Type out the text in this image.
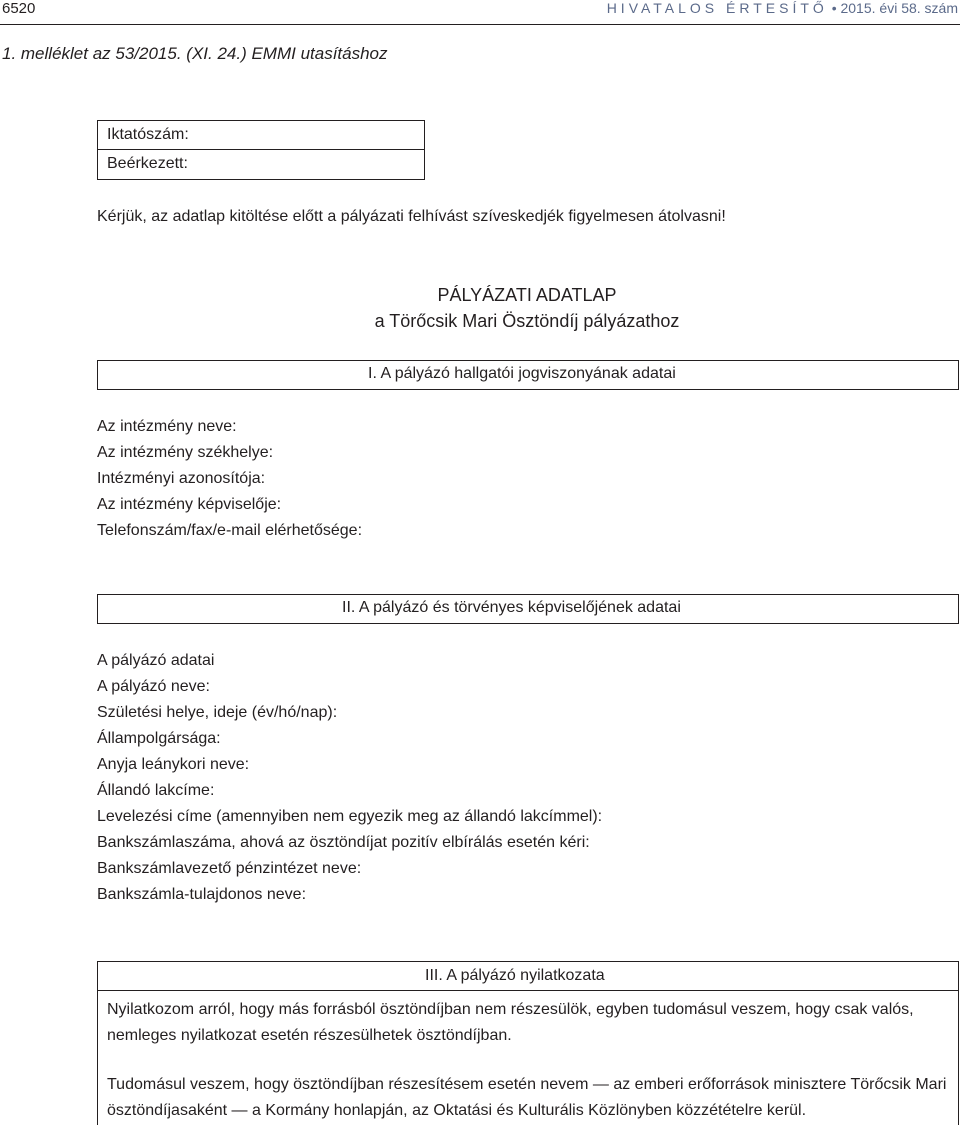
6520	HIVATALOS ÉRTESÍTŐ • 2015. évi 58. szám
1. melléklet az 53/2015. (XI. 24.) EMMI utasításhoz
Iktatószám:
Beérkezett:
Kérjük, az adatlap kitöltése előtt a pályázati felhívást szíveskedjék figyelmesen átolvasni!
PÁLYÁZATI ADATLAP
a Törőcsik Mari Ösztöndíj pályázathoz
I. A pályázó hallgatói jogviszonyának adatai
Az intézmény neve:
Az intézmény székhelye:
Intézményi azonosítója:
Az intézmény képviselője:
Telefonszám/fax/e-mail elérhetősége:
II. A pályázó és törvényes képviselőjének adatai
A pályázó adatai
A pályázó neve:
Születési helye, ideje (év/hó/nap):
Állampolgársága:
Anyja leánykori neve:
Állandó lakcíme:
Levelezési címe (amennyiben nem egyezik meg az állandó lakcímmel):
Bankszámlaszáma, ahová az ösztöndíjat pozitív elbírálás esetén kéri:
Bankszámlavezető pénzintézet neve:
Bankszámla-tulajdonos neve:
III. A pályázó nyilatkozata
Nyilatkozom arról, hogy más forrásból ösztöndíjban nem részesülök, egyben tudomásul veszem, hogy csak valós, nemleges nyilatkozat esetén részesülhetek ösztöndíjban.
Tudomásul veszem, hogy ösztöndíjban részesítésem esetén nevem — az emberi erőforrások minisztere Törőcsik Mari ösztöndíjasaként — a Kormány honlapján, az Oktatási és Kulturális Közlönyben közzétételre kerül.
